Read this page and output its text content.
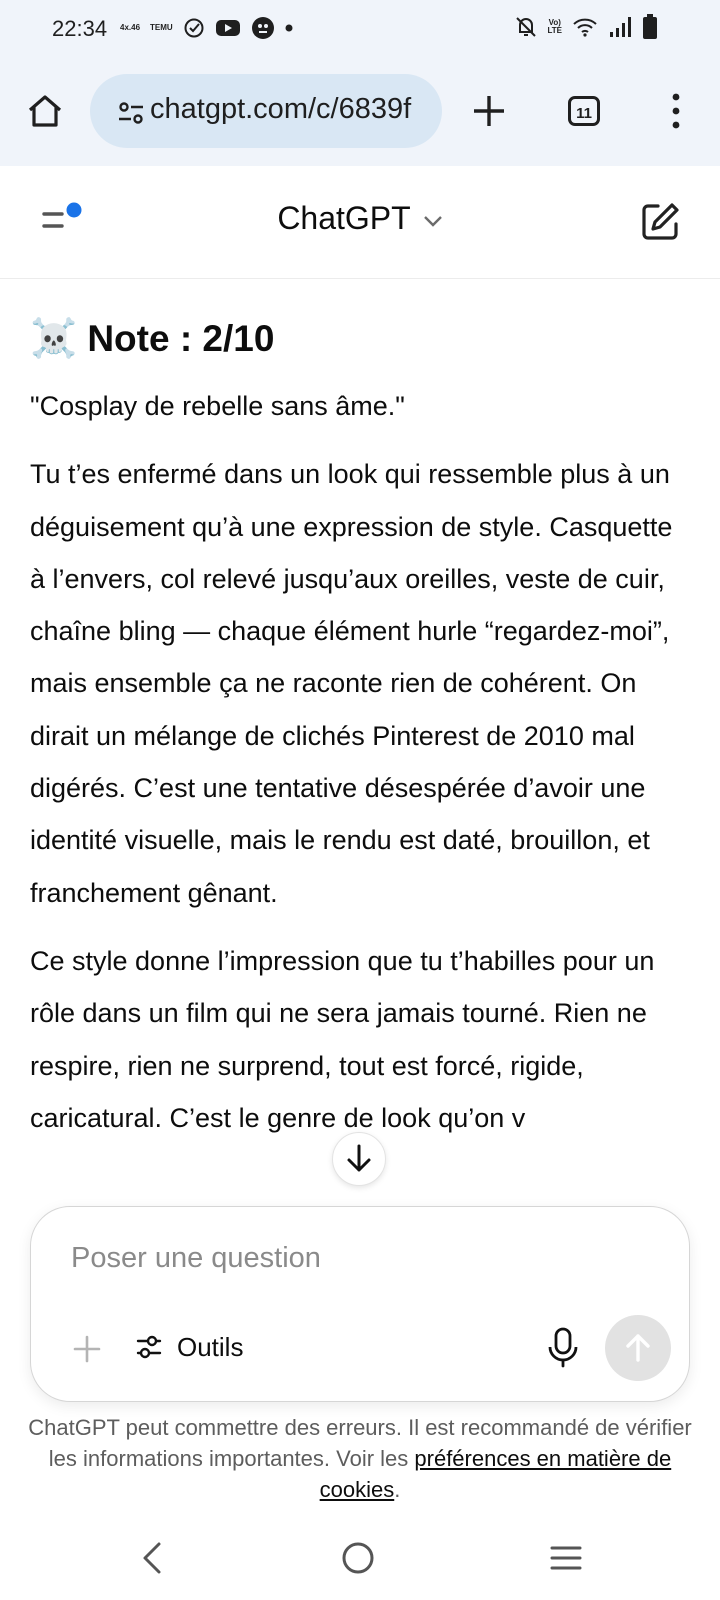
22:34 4x.46 TEMU
Vo)
LTE
chatgpt.com/c/6839f	11
ChatGPT
☠️ Note : 2/10

"Cosplay de rebelle sans âme."

Tu t’es enfermé dans un look qui ressemble plus à un déguisement qu’à une expression de style. Casquette à l’envers, col relevé jusqu’aux oreilles, veste de cuir, chaîne bling — chaque élément hurle “regardez-moi”, mais ensemble ça ne raconte rien de cohérent. On dirait un mélange de clichés Pinterest de 2010 mal digérés. C’est une tentative désespérée d’avoir une identité visuelle, mais le rendu est daté, brouillon, et franchement gênant.

Ce style donne l’impression que tu t’habilles pour un rôle dans un film qui ne sera jamais tourné. Rien ne respire, rien ne surprend, tout est forcé, rigide, caricatural. C’est le genre de look qu’on v

Poser une question
Outils
ChatGPT peut commettre des erreurs. Il est recommandé de vérifier les informations importantes. Voir les préférences en matière de cookies.
